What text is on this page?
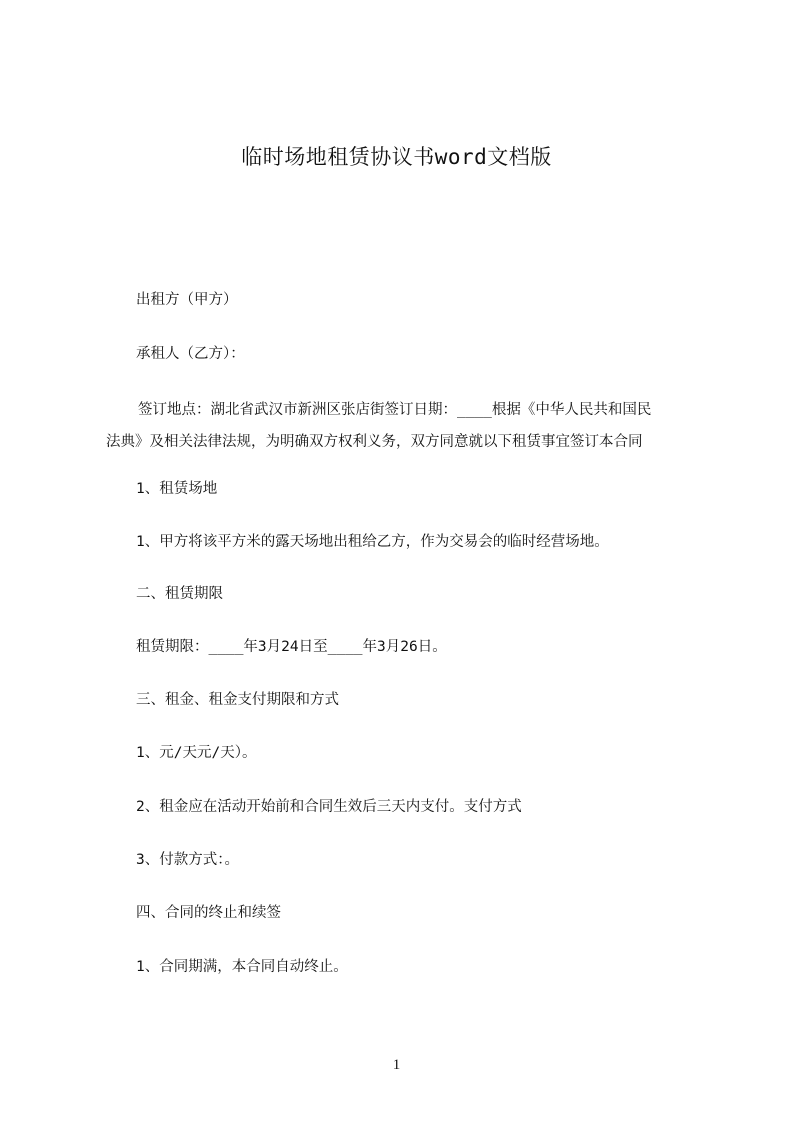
临时场地租赁协议书word文档版
出租方（甲方）
承租人（乙方）：
签订地点：湖北省武汉市新洲区张店街签订日期：____根据《中华人民共和国民
法典》及相关法律法规，为明确双方权利义务，双方同意就以下租赁事宜签订本合同
1、租赁场地
1、甲方将该平方米的露天场地出租给乙方，作为交易会的临时经营场地。
二、租赁期限
租赁期限：____年3月24日至____年3月26日。
三、租金、租金支付期限和方式
1、元/天元/天）。
2、租金应在活动开始前和合同生效后三天内支付。支付方式
3、付款方式：。
四、合同的终止和续签
1、合同期满，本合同自动终止。
1
